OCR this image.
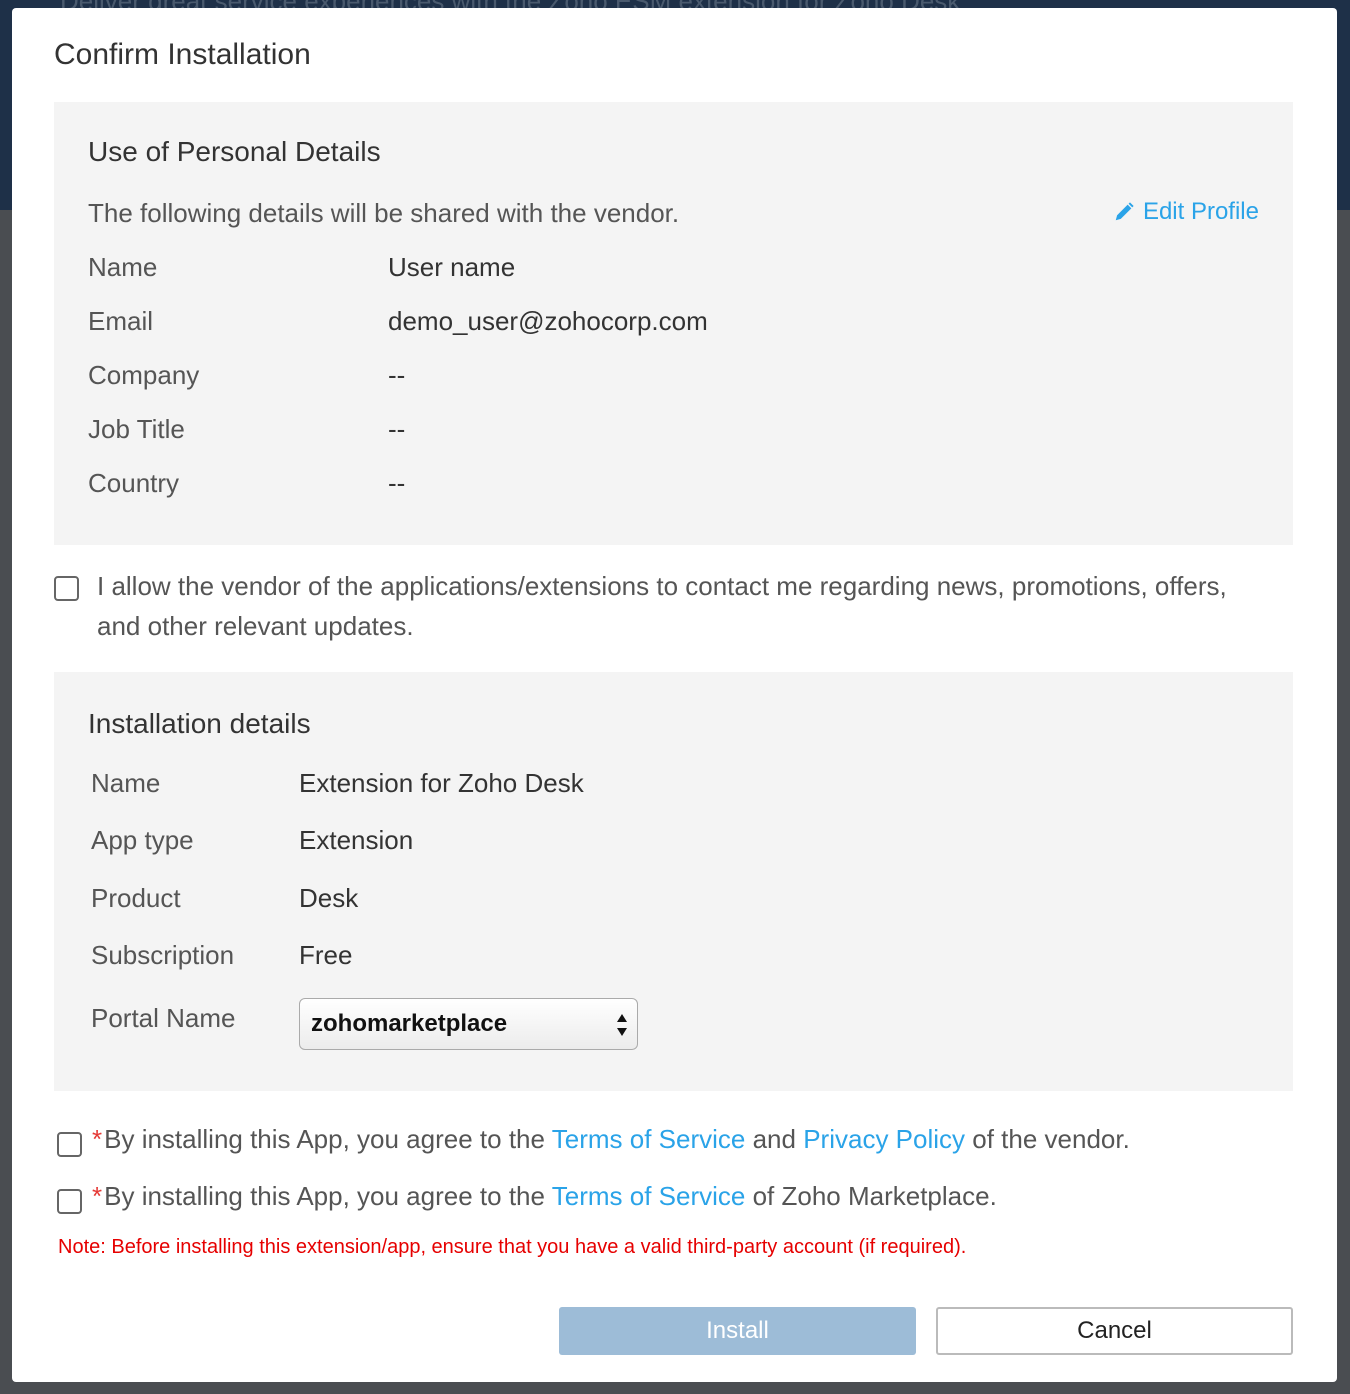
Confirm Installation
Use of Personal Details
The following details will be shared with the vendor.	Edit Profile
Name	User name
Email	demo_user@zohocorp.com
Company	--
Job Title	--
Country	--
I allow the vendor of the applications/extensions to contact me regarding news, promotions, offers, and other relevant updates.
Installation details
Name	Extension for Zoho Desk
App type	Extension
Product	Desk
Subscription	Free
Portal Name	zohomarketplace
*By installing this App, you agree to the Terms of Service and Privacy Policy of the vendor.
*By installing this App, you agree to the Terms of Service of Zoho Marketplace.
Note: Before installing this extension/app, ensure that you have a valid third-party account (if required).
Install	Cancel
